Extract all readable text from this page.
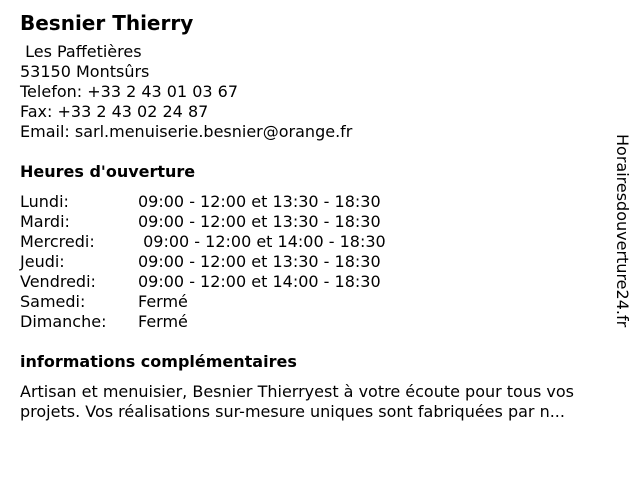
Besnier Thierry
Les Paffetières
53150 Montsûrs
Telefon: +33 2 43 01 03 67
Fax: +33 2 43 02 24 87
Email: sarl.menuiserie.besnier@orange.fr
Heures d'ouverture
Lundi:	09:00 - 12:00 et 13:30 - 18:30
Mardi:	09:00 - 12:00 et 13:30 - 18:30
Mercredi:	09:00 - 12:00 et 14:00 - 18:30
Jeudi:	09:00 - 12:00 et 13:30 - 18:30
Vendredi:	09:00 - 12:00 et 14:00 - 18:30
Samedi:	Fermé
Dimanche:	Fermé
informations complémentaires
Artisan et menuisier, Besnier Thierryest à votre écoute pour tous vos projets. Vos réalisations sur-mesure uniques sont fabriquées par n...
Horairesdouverture24.fr
